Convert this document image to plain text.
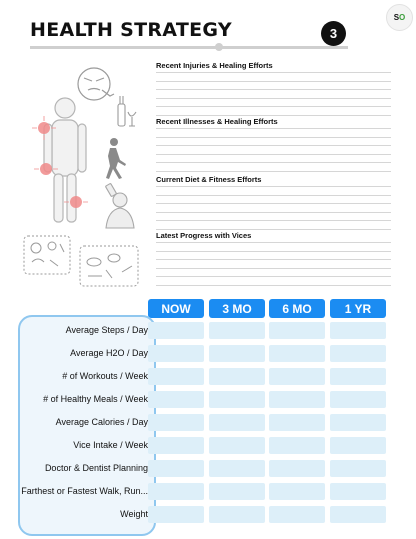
HEALTH STRATEGY	3
S O
Recent Injuries & Healing Efforts
Recent Illnesses & Healing Efforts
Current Diet & Fitness Efforts
Latest Progress with Vices
NOW	3 MO	6 MO	1 YR
Average Steps / Day
Average H2O / Day
# of Workouts / Week
# of Healthy Meals / Week
Average Calories / Day
Vice Intake / Week
Doctor & Dentist Planning
Farthest or Fastest Walk, Run...
Weight
